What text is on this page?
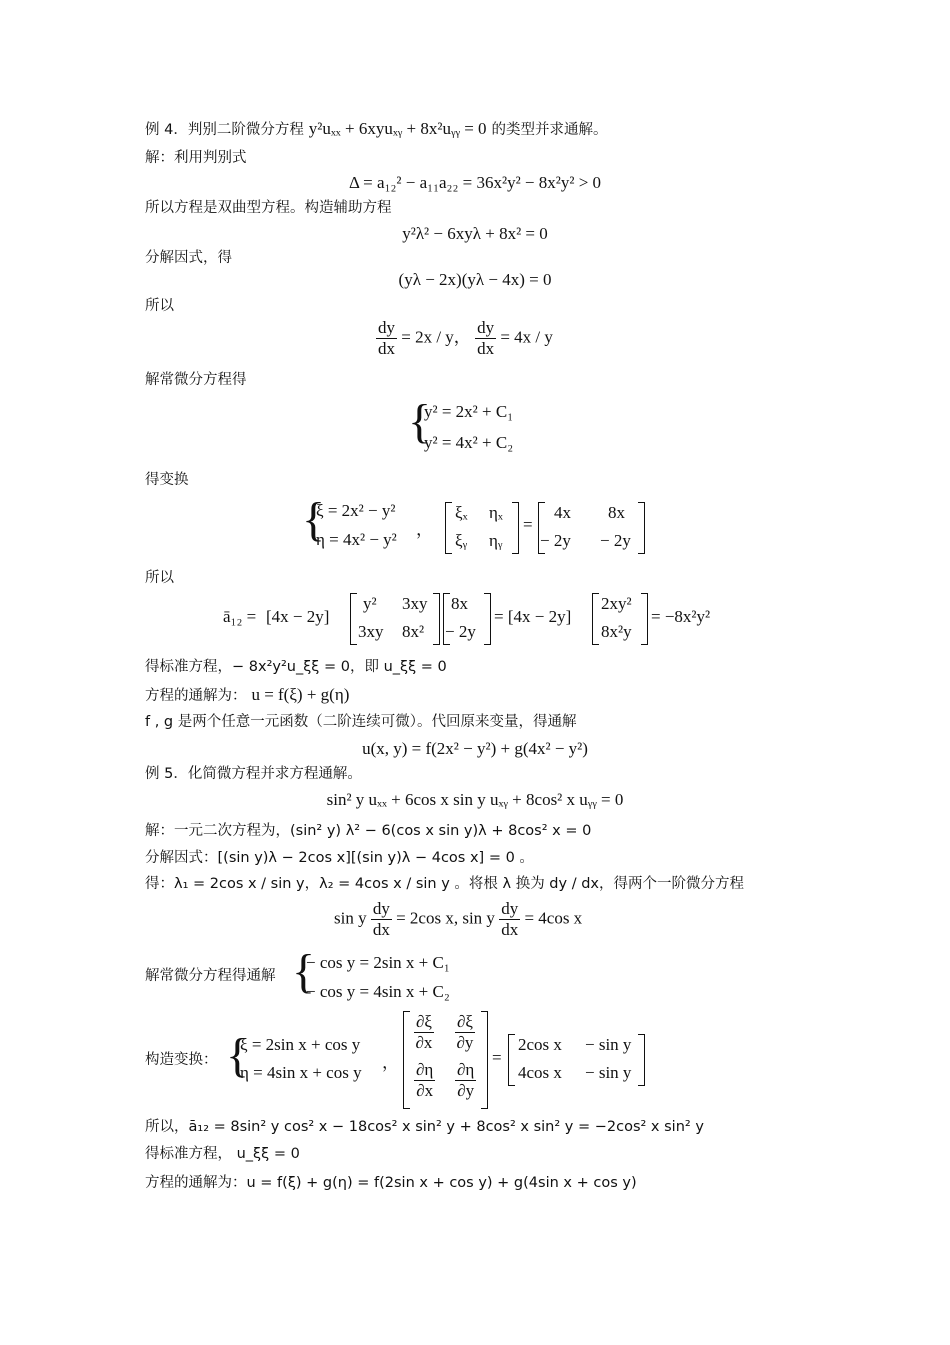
例 4．判别二阶微分方程 y²uₓₓ + 6xyuₓᵧ + 8x²uᵧᵧ = 0 的类型并求通解。
解：利用判别式
Δ = a₁₂² − a₁₁a₂₂ = 36x²y² − 8x²y² > 0
所以方程是双曲型方程。构造辅助方程
y²λ² − 6xyλ + 8x² = 0
分解因式，得
(yλ − 2x)(yλ − 4x) = 0
所以
$\frac{dy}{dx} = 2x / y$， $\frac{dy}{dx} = 4x / y$
解常微分方程得
{
y² = 2x² + C₁
y² = 4x² + C₂
得变换
{
ξ = 2x² − y²
η = 4x² − y²
，
ξₓ ηₓ
ξᵧ ηᵧ
=
4x 8x
− 2y − 2y
所以
ā₁₂ = [4x − 2y]
y² 3xy
3xy 8x²
8x
− 2y
= [4x − 2y]
2xy²
8x²y
= −8x²y²
得标准方程，− 8x²y²u_ξξ = 0，即 u_ξξ = 0
方程的通解为： u = f(ξ) + g(η)
f , g 是两个任意一元函数（二阶连续可微）。代回原来变量，得通解
u(x, y) = f(2x² − y²) + g(4x² − y²)
例 5．化简微方程并求方程通解。
sin² y uₓₓ + 6cos x sin y uₓᵧ + 8cos² x uᵧᵧ = 0
解：一元二次方程为，(sin² y) λ² − 6(cos x sin y)λ + 8cos² x = 0
分解因式：[(sin y)λ − 2cos x][(sin y)λ − 4cos x] = 0 。
得：λ₁ = 2cos x / sin y，λ₂ = 4cos x / sin y 。将根 λ 换为 dy / dx，得两个一阶微分方程
sin y $\frac{dy}{dx} = 2\cos$ x, sin y $\frac{dy}{dx} = 4\cos$ x
解常微分方程得通解 {
− cos y = 2sin x + C₁
− cos y = 4sin x + C₂
构造变换： {
ξ = 2sin x + cos y
η = 4sin x + cos y
，
$\frac{\partial\xi}{\partial x} \frac{\partial\xi}{\partial y}$
$\frac{\partial\eta}{\partial x} \frac{\partial\eta}{\partial y}$
=
2cos x − sin y
4cos x − sin y
所以，ā₁₂ = 8sin² y cos² x − 18cos² x sin² y + 8cos² x sin² y = −2cos² x sin² y
得标准方程， u_ξξ = 0
方程的通解为：u = f(ξ) + g(η) = f(2sin x + cos y) + g(4sin x + cos y)
